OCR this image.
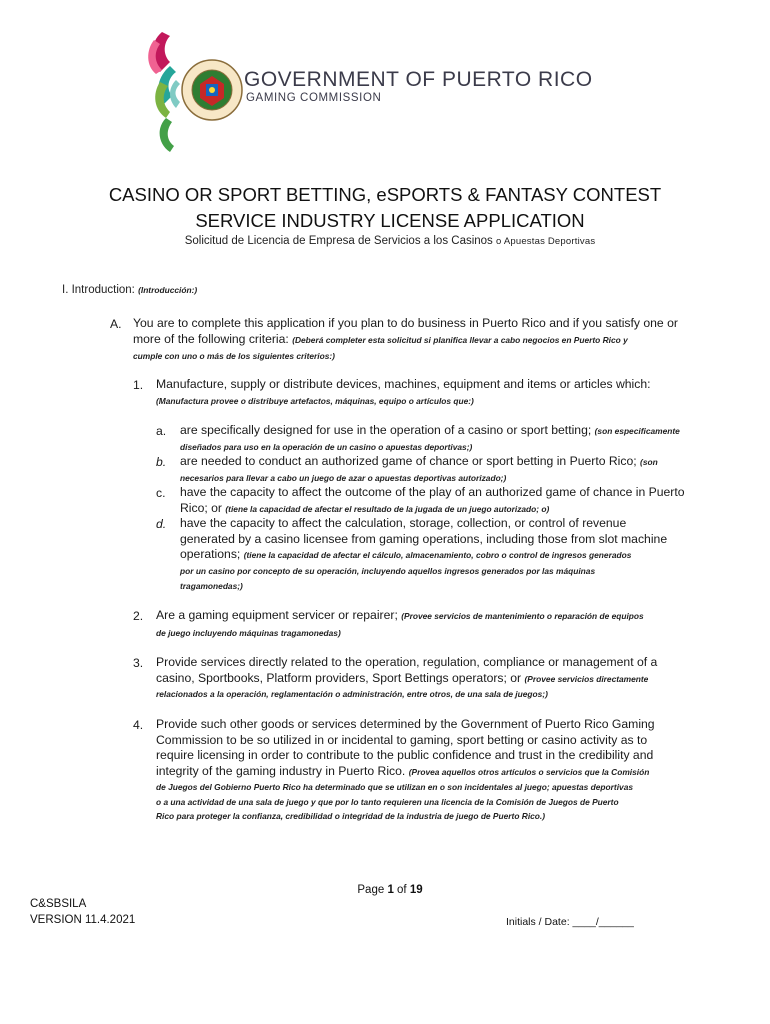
GOVERNMENT OF PUERTO RICO
GAMING COMMISSION
CASINO OR SPORT BETTING, eSPORTS & FANTASY CONTEST
SERVICE INDUSTRY LICENSE APPLICATION
Solicitud de Licencia de Empresa de Servicios a los Casinos o Apuestas Deportivas
I. Introduction: (Introducción:)
A. You are to complete this application if you plan to do business in Puerto Rico and if you satisfy one or
more of the following criteria: (Deberá completer esta solicitud si planifica llevar a cabo negocios en Puerto Rico y
cumple con uno o más de los siguientes criterios:)
1. Manufacture, supply or distribute devices, machines, equipment and items or articles which:
(Manufactura provee o distribuye artefactos, máquinas, equipo o artículos que:)
a. are specifically designed for use in the operation of a casino or sport betting; (son especificamente
diseñados para uso en la operación de un casino o apuestas deportivas;)
b. are needed to conduct an authorized game of chance or sport betting in Puerto Rico; (son
necesarios para llevar a cabo un juego de azar o apuestas deportivas autorizado;)
c. have the capacity to affect the outcome of the play of an authorized game of chance in Puerto
Rico; or (tiene la capacidad de afectar el resultado de la jugada de un juego autorizado; o)
d. have the capacity to affect the calculation, storage, collection, or control of revenue
generated by a casino licensee from gaming operations, including those from slot machine
operations; (tiene la capacidad de afectar el cálculo, almacenamiento, cobro o control de ingresos generados
por un casino por concepto de su operación, incluyendo aquellos ingresos generados por las máquinas
tragamonedas;)
2. Are a gaming equipment servicer or repairer; (Provee servicios de mantenimiento o reparación de equipos
de juego incluyendo máquinas tragamonedas)
3. Provide services directly related to the operation, regulation, compliance or management of a
casino, Sportbooks, Platform providers, Sport Bettings operators; or (Provee servicios directamente
relacionados a la operación, reglamentación o administración, entre otros, de una sala de juegos;)
4. Provide such other goods or services determined by the Government of Puerto Rico Gaming
Commission to be so utilized in or incidental to gaming, sport betting or casino activity as to
require licensing in order to contribute to the public confidence and trust in the credibility and
integrity of the gaming industry in Puerto Rico. (Provea aquellos otros artículos o servicios que la Comisión
de Juegos del Gobierno Puerto Rico ha determinado que se utilizan en o son incidentales al juego; apuestas deportivas
o a una actividad de una sala de juego y que por lo tanto requieren una licencia de la Comisión de Juegos de Puerto
Rico para proteger la confianza, credibilidad o integridad de la industria de juego de Puerto Rico.)
Page 1 of 19
C&SBSILA
VERSION 11.4.2021	Initials / Date: ____/______
